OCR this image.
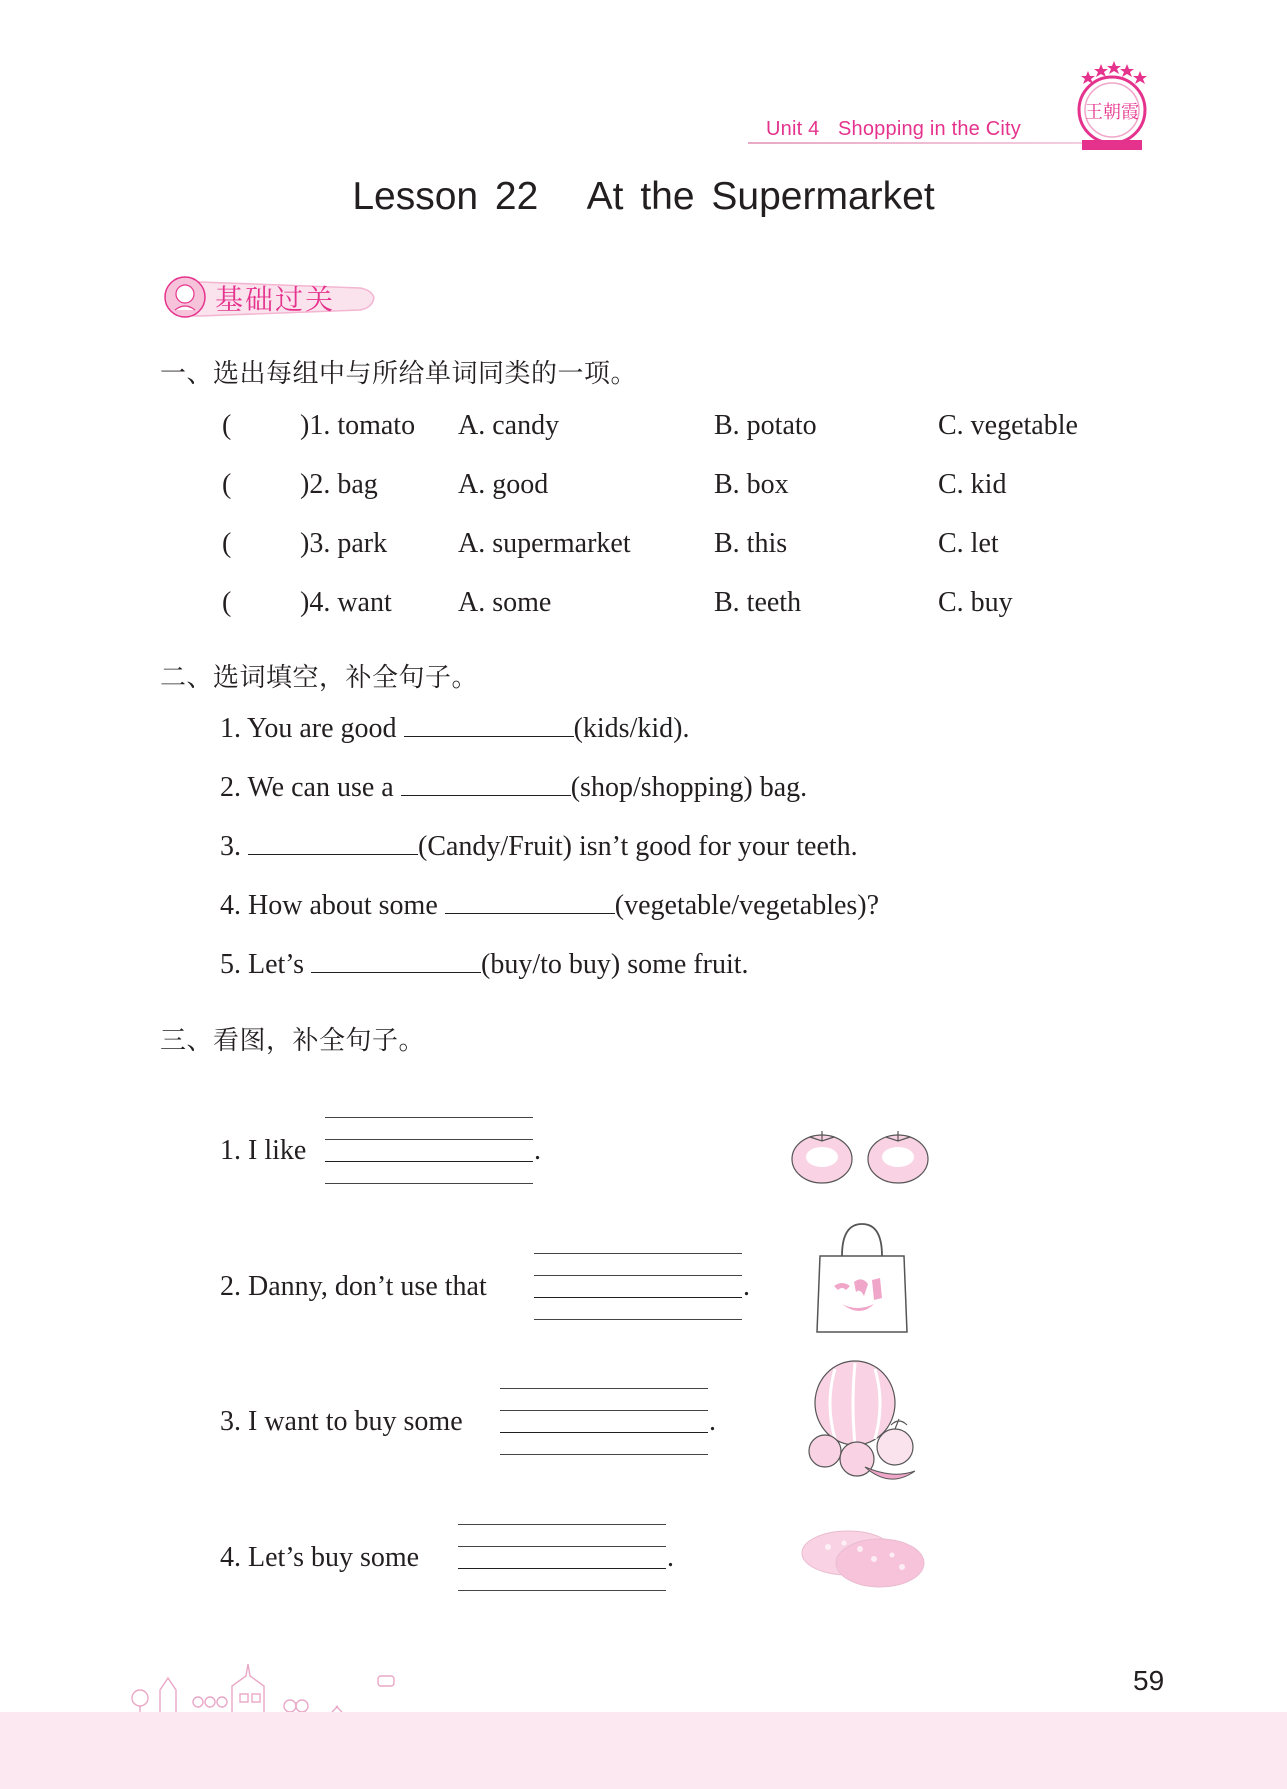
Unit 4 Shopping in the City
王朝霞
Lesson 22   At the Supermarket
基础过关
一、选出每组中与所给单词同类的一项。
( )1. tomato A. candy	B. potato	C. vegetable
( )2. bag	A. good	B. box	C. kid
( )3. park	A. supermarket	B. this	C. let
( )4. want A. some	B. teeth	C. buy
二、选词填空，补全句子。
1. You are good	(kids/kid).
2. We can use a	(shop/shopping) bag.
3.	(Candy/Fruit) isn’t good for your teeth.
4. How about some	(vegetable/vegetables)?
5. Let’s	(buy/to buy) some fruit.
三、看图，补全句子。
1. I like	.
2. Danny, don’t use that	.
3. I want to buy some	.
4. Let’s buy some	.
59
